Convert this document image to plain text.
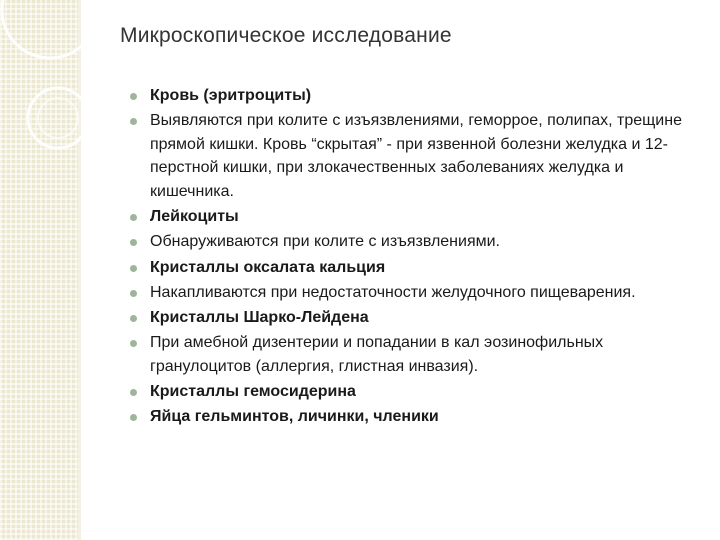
Микроскопическое исследование
Кровь (эритроциты)
Выявляются при колите с изъязвлениями, геморрое, полипах, трещине прямой кишки. Кровь “скрытая” - при язвенной болезни желудка и 12-перстной кишки, при злокачественных заболеваниях желудка и кишечника.
Лейкоциты
Обнаруживаются при колите с изъязвлениями.
Кристаллы оксалата кальция
Накапливаются при недостаточности желудочного пищеварения.
Кристаллы Шарко-Лейдена
При амебной дизентерии и попадании в кал эозинофильных гранулоцитов (аллергия, глистная инвазия).
Кристаллы гемосидерина
Яйца гельминтов, личинки, членики
